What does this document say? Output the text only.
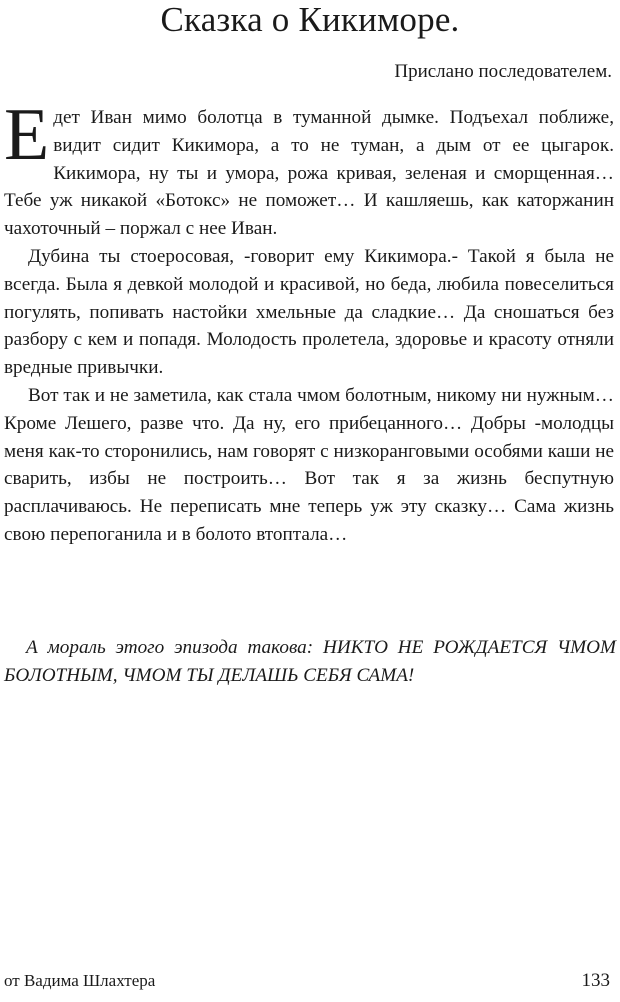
Сказка о Кикиморе.
Прислано последователем.

Едет Иван мимо болотца в туманной дымке. Подъехал поближе, видит сидит Кикимора, а то не туман, а дым от ее цыгарок. Кикимора, ну ты и умора, рожа кривая, зеленая и сморщенная… Тебе уж никакой «Ботокс» не поможет… И кашляешь, как каторжанин чахоточный – поржал с нее Иван.

Дубина ты стоеросовая, -говорит ему Кикимора.- Такой я была не всегда. Была я девкой молодой и красивой, но беда, любила повеселиться погулять, попивать настойки хмельные да сладкие… Да сношаться без разбору с кем и попадя. Молодость пролетела, здоровье и красоту отняли вредные привычки.

Вот так и не заметила, как стала чмом болотным, никому ни нужным…Кроме Лешего, разве что. Да ну, его прибецанного… Добры -молодцы меня как-то сторонились, нам говорят с низкоранговыми особями каши не сварить, избы не построить… Вот так я за жизнь беспутную расплачиваюсь. Не переписать мне теперь уж эту сказку… Сама жизнь свою перепоганила и в болото втоптала…

А мораль этого эпизода такова: НИКТО НЕ РОЖДАЕТСЯ ЧМОМ БОЛОТНЫМ, ЧМОМ ТЫ ДЕЛАШЬ СЕБЯ САМА!

от Вадима Шлахтера	133
